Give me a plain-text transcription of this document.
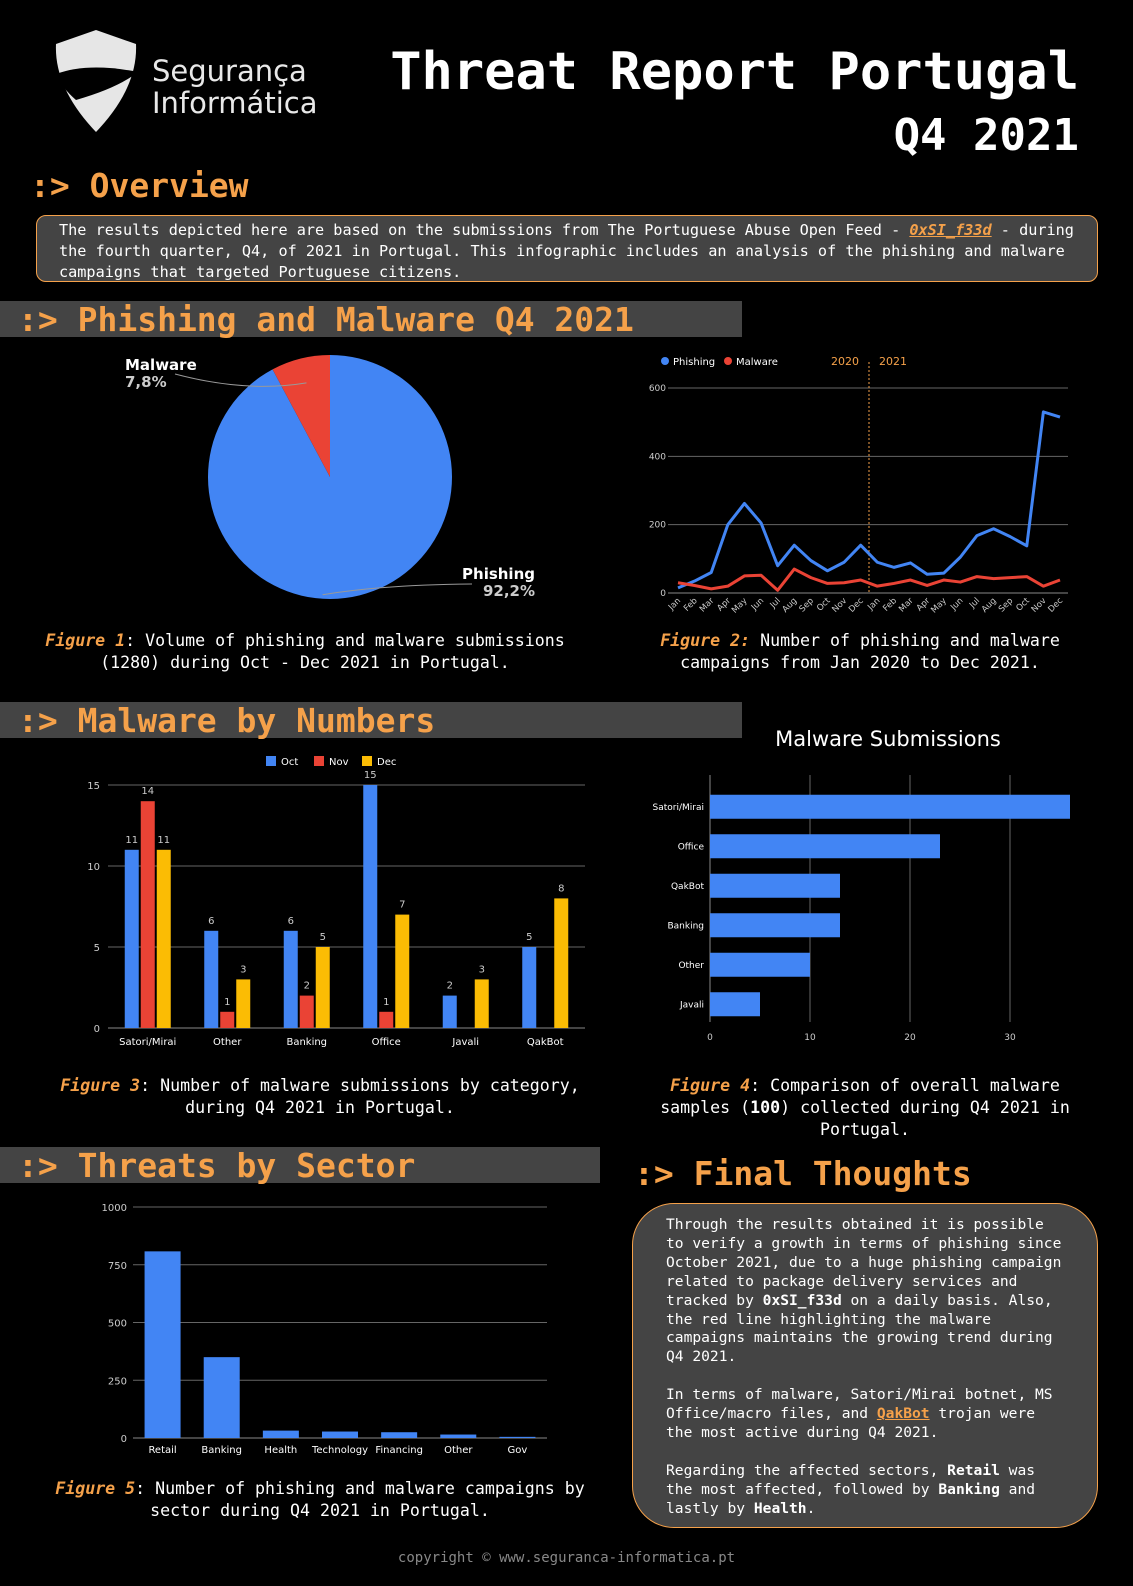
Segurança
Informática
Threat Report Portugal
Q4 2021
:> Overview
The results depicted here are based on the submissions from The Portuguese Abuse Open Feed - 0xSI_f33d - during the fourth quarter, Q4, of 2021 in Portugal. This infographic includes an analysis of the phishing and malware campaigns that targeted Portuguese citizens.
:> Phishing and Malware Q4 2021
Malware
7,8%
Phishing
92,2%
Figure 1: Volume of phishing and malware submissions (1280) during Oct - Dec 2021 in Portugal.
0
200
400
600
2020 2021
Phishing Malware
Jan
Feb
Mar Apr
May Jun Jul
Aug
Sep Oct
Nov
Dec Jan
Feb
Mar Apr
May Jun Jul
Aug
Sep Oct
Nov
Dec
Figure 2: Number of phishing and malware campaigns from Jan 2020 to Dec 2021.
:> Malware by Numbers
0
5
10
15
Oct	Nov	Dec
11
14
11
Satori/Mirai
6
1
3
Other
6
2
5
Banking
15
1
7
Office
2
3
Javali
5
8
QakBot
Figure 3: Number of malware submissions by category, during Q4 2021 in Portugal.
Malware Submissions
0	10	20	30
Satori/Mirai
Office
QakBot
Banking
Other
Javali
Figure 4: Comparison of overall malware samples (100) collected during Q4 2021 in Portugal.
:> Threats by Sector
0
250
500
750
1000
Retail Banking Health Technology Financing Other	Gov
Figure 5: Number of phishing and malware campaigns by sector during Q4 2021 in Portugal.
:> Final Thoughts

Through the results obtained it is possible to verify a growth in terms of phishing since October 2021, due to a huge phishing campaign related to package delivery services and tracked by 0xSI_f33d on a daily basis. Also, the red line highlighting the malware campaigns maintains the growing trend during Q4 2021.

In terms of malware, Satori/Mirai botnet, MS Office/macro files, and QakBot trojan were the most active during Q4 2021.

Regarding the affected sectors, Retail was the most affected, followed by Banking and lastly by Health.

copyright © www.seguranca-informatica.pt
